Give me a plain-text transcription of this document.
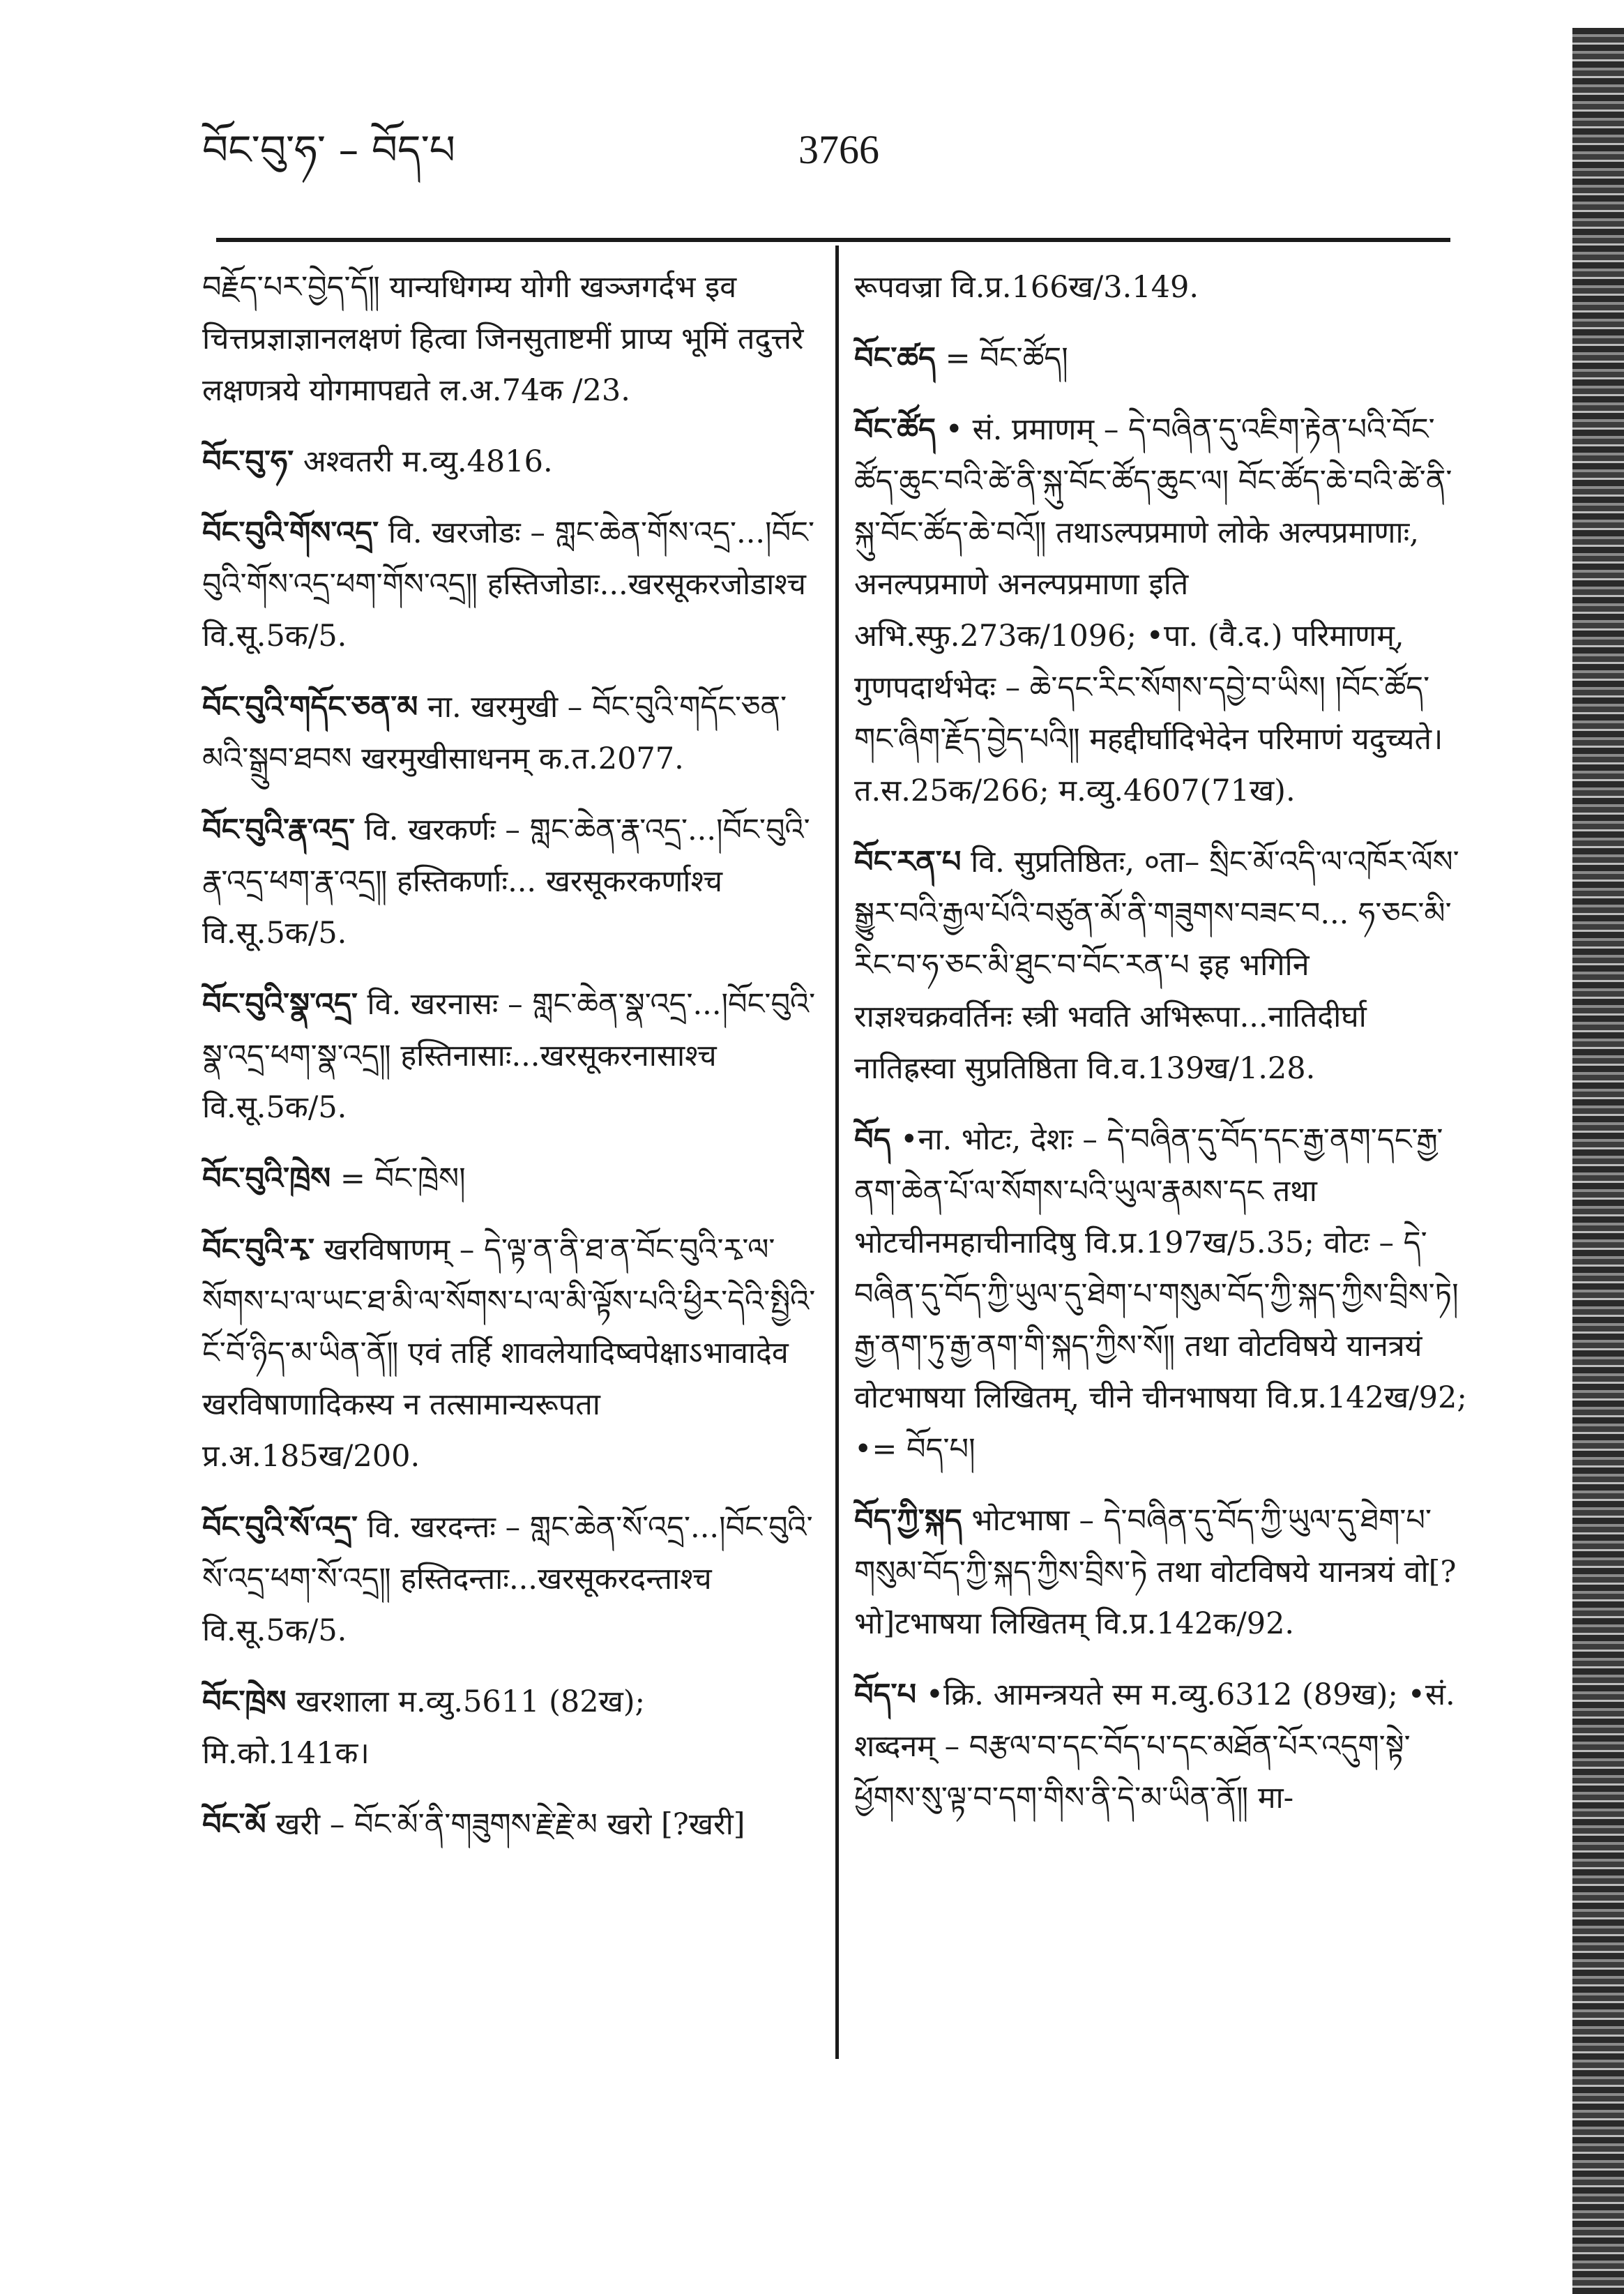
བོང་བུ་ཧ་ – བོད་པ	3766
བརྗོད་པར་བྱེད་དོ༎ यान्यधिगम्य योगी खञ्जगर्दभ इव चित्तप्रज्ञाज्ञानलक्षणं हित्वा जिनसुताष्टमीं प्राप्य भूमिं तदुत्तरे लक्षणत्रये योगमापद्यते ल.अ.74क /23.
བོང་བུ་ཧ་ अश्वतरी म.व्यु.4816.
བོང་བུའི་གོས་འདྲ་ वि. खरजोडः – གླང་ཆེན་གོས་འདྲ་...།བོང་བུའི་གོས་འདྲ་ཕག་གོས་འདྲ༎ हस्तिजोडाः...खरसूकरजोडाश्च वि.सू.5क/5.
བོང་བུའི་གདོང་ཅན་མ ना. खरमुखी – བོང་བུའི་གདོང་ཅན་མའི་སྒྲུབ་ཐབས खरमुखीसाधनम् क.त.2077.
བོང་བུའི་རྣ་འདྲ་ वि. खरकर्णः – གླང་ཆེན་རྣ་འདྲ་...།བོང་བུའི་རྣ་འདྲ་ཕག་རྣ་འདྲ༎ हस्तिकर्णाः... खरसूकरकर्णाश्च वि.सू.5क/5.
བོང་བུའི་སྣ་འདྲ་ वि. खरनासः – གླང་ཆེན་སྣ་འདྲ་...།བོང་བུའི་སྣ་འདྲ་ཕག་སྣ་འདྲ༎ हस्तिनासाः...खरसूकरनासाश्च वि.सू.5क/5.
བོང་བུའི་ཁྲེས = བོང་ཁྲེས།
བོང་བུའི་རྭ་ खरविषाणम् – དེ་ལྟ་ན་ནི་ཐ་ན་བོང་བུའི་རྭ་ལ་སོགས་པ་ལ་ཡང་ཐ་མི་ལ་སོགས་པ་ལ་མི་ལྟོས་པའི་ཕྱིར་དེའི་སྤྱིའི་ངོ་བོ་ཉིད་མ་ཡིན་ནོ༎ एवं तर्हि शावलेयादिष्वपेक्षाऽभावादेव खरविषाणादिकस्य न तत्सामान्यरूपता प्र.अ.185ख/200.
བོང་བུའི་སོ་འདྲ་ वि. खरदन्तः – གླང་ཆེན་སོ་འདྲ་...།བོང་བུའི་སོ་འདྲ་ཕག་སོ་འདྲ༎ हस्तिदन्ताः...खरसूकरदन्ताश्च वि.सू.5क/5.
བོང་ཁྲེས खरशाला म.व्यु.5611 (82ख); मि.को.141क।
བོང་མོ खरी – བོང་མོ་ནི་གཟུགས་རྗེ་རྗེ་མ खरो [?खरी]
रूपवज्रा वि.प्र.166ख/3.149.
བོང་ཚད = བོང་ཚོད།
བོང་ཚོད • सं. प्रमाणम् – དེ་བཞིན་དུ་འཇིག་རྟེན་པའི་བོང་ཚོད་ཆུང་བའི་ཚེ་ནི་སྐུ་བོང་ཚོད་ཆུང་ལ། བོང་ཚོད་ཆེ་བའི་ཚེ་ནི་སྐུ་བོང་ཚོད་ཆེ་བའོ༎ तथाऽल्पप्रमाणे लोके अल्पप्रमाणाः, अनल्पप्रमाणे अनल्पप्रमाणा इति अभि.स्फु.273क/1096; •पा. (वै.द.) परिमाणम्, गुणपदार्थभेदः – ཆེ་དང་རིང་སོགས་དབྱེ་བ་ཡིས། །བོང་ཚོད་གང་ཞིག་རྗོད་བྱེད་པའི༎ महद्दीर्घादिभेदेन परिमाणं यदुच्यते। त.स.25क/266; म.व्यु.4607(71ख).
བོང་རན་པ वि. सुप्रतिष्ठितः, ०ता– སྲིང་མོ་འདི་ལ་འཁོར་ལོས་སྒྱུར་བའི་རྒྱལ་པོའི་བཙུན་མོ་ནི་གཟུགས་བཟང་བ... ཧ་ཅང་མི་རིང་བ་ཧ་ཅང་མི་ཐུང་བ་བོང་རན་པ इह भगिनि राज्ञश्चक्रवर्तिनः स्त्री भवति अभिरूपा...नातिदीर्घा नातिह्रस्वा सुप्रतिष्ठिता वि.व.139ख/1.28.
བོད •ना. भोटः, देशः – དེ་བཞིན་དུ་བོད་དང་རྒྱ་ནག་དང་རྒྱ་ནག་ཆེན་པོ་ལ་སོགས་པའི་ཡུལ་རྣམས་དང तथा भोटचीनमहाचीनादिषु वि.प्र.197ख/5.35; वोटः – དེ་བཞིན་དུ་བོད་ཀྱི་ཡུལ་དུ་ཐེག་པ་གསུམ་བོད་ཀྱི་སྐད་ཀྱིས་བྲིས་ཏེ། རྒྱ་ནག་ཏུ་རྒྱ་ནག་གི་སྐད་ཀྱིས་སོ༎ तथा वोटविषये यानत्रयं वोटभाषया लिखितम्, चीने चीनभाषया वि.प्र.142ख/92; •= བོད་པ།
བོད་ཀྱི་སྐད भोटभाषा – དེ་བཞིན་དུ་བོད་ཀྱི་ཡུལ་དུ་ཐེག་པ་གསུམ་བོད་ཀྱི་སྐད་ཀྱིས་བྲིས་ཏེ तथा वोटविषये यानत्रयं वो[?भो]टभाषया लिखितम् वि.प्र.142क/92.
བོད་པ •क्रि. आमन्त्रयते स्म म.व्यु.6312 (89ख); •सं. शब्दनम् – བརྩལ་བ་དང་བོད་པ་དང་མཐོན་པོར་འདུག་སྟེ་ཕྱོགས་སུ་ལྟ་བ་དག་གིས་ནི་དེ་མ་ཡིན་ནོ༎ मा-
